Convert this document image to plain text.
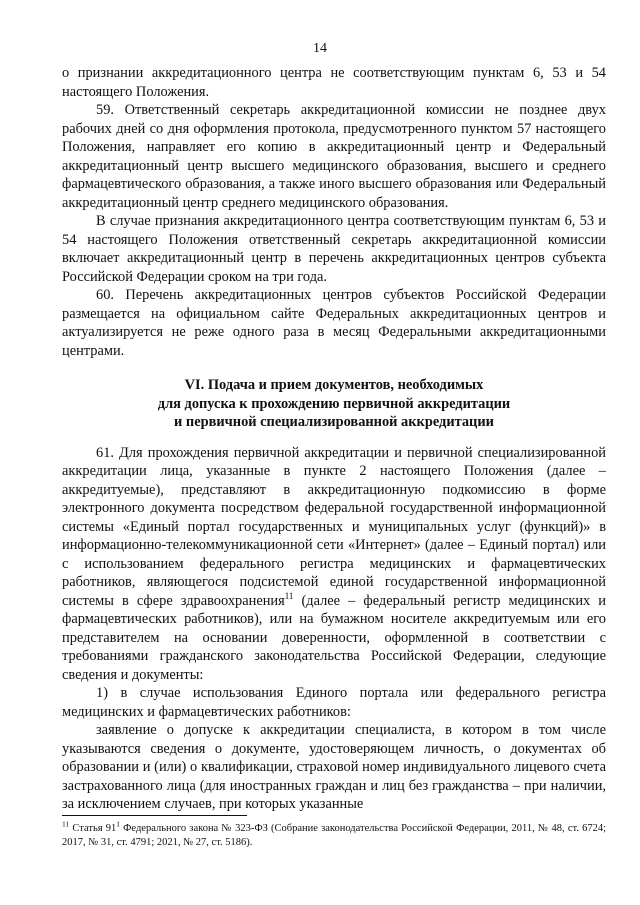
14

о признании аккредитационного центра не соответствующим пунктам 6, 53 и 54 настоящего Положения.

59. Ответственный секретарь аккредитационной комиссии не позднее двух рабочих дней со дня оформления протокола, предусмотренного пунктом 57 настоящего Положения, направляет его копию в аккредитационный центр и Федеральный аккредитационный центр высшего медицинского образования, высшего и среднего фармацевтического образования, а также иного высшего образования или Федеральный аккредитационный центр среднего медицинского образования.

В случае признания аккредитационного центра соответствующим пунктам 6, 53 и 54 настоящего Положения ответственный секретарь аккредитационной комиссии включает аккредитационный центр в перечень аккредитационных центров субъекта Российской Федерации сроком на три года.

60. Перечень аккредитационных центров субъектов Российской Федерации размещается на официальном сайте Федеральных аккредитационных центров и актуализируется не реже одного раза в месяц Федеральными аккредитационными центрами.

VI. Подача и прием документов, необходимых
для допуска к прохождению первичной аккредитации
и первичной специализированной аккредитации

61. Для прохождения первичной аккредитации и первичной специализированной аккредитации лица, указанные в пункте 2 настоящего Положения (далее – аккредитуемые), представляют в аккредитационную подкомиссию в форме электронного документа посредством федеральной государственной информационной системы «Единый портал государственных и муниципальных услуг (функций)» в информационно-телекоммуникационной сети «Интернет» (далее – Единый портал) или с использованием федерального регистра медицинских и фармацевтических работников, являющегося подсистемой единой государственной информационной системы в сфере здравоохранения$^{11}$ (далее – федеральный регистр медицинских и фармацевтических работников), или на бумажном носителе аккредитуемым или его представителем на основании доверенности, оформленной в соответствии с требованиями гражданского законодательства Российской Федерации, следующие сведения и документы:

1) в случае использования Единого портала или федерального регистра медицинских и фармацевтических работников:

заявление о допуске к аккредитации специалиста, в котором в том числе указываются сведения о документе, удостоверяющем личность, о документах об образовании и (или) о квалификации, страховой номер индивидуального лицевого счета застрахованного лица (для иностранных граждан и лиц без гражданства – при наличии, за исключением случаев, при которых указанные

$^{11}$ Статья $91^1$ Федерального закона № 323-ФЗ (Собрание законодательства Российской Федерации, 2011, № 48, ст. 6724; 2017, № 31, ст. 4791; 2021, № 27, ст. 5186).
